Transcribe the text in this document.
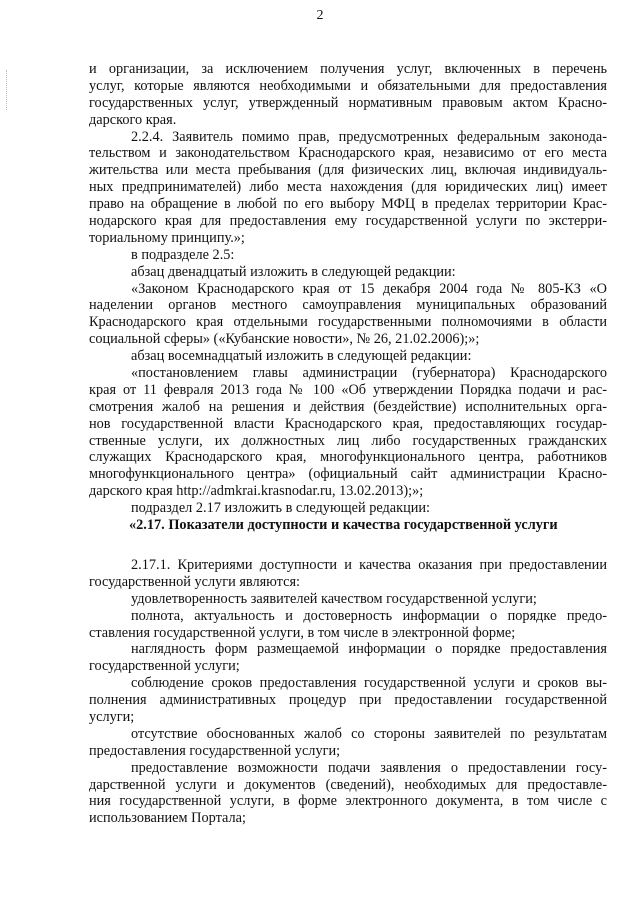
2
и организации, за исключением получения услуг, включенных в перечень
услуг, которые являются необходимыми и обязательными для предоставления
государственных услуг, утвержденный нормативным правовым актом Красно-
дарского края.
2.2.4. Заявитель помимо прав, предусмотренных федеральным законода-
тельством и законодательством Краснодарского края, независимо от его места
жительства или места пребывания (для физических лиц, включая индивидуаль-
ных предпринимателей) либо места нахождения (для юридических лиц) имеет
право на обращение в любой по его выбору МФЦ в пределах территории Крас-
нодарского края для предоставления ему государственной услуги по экстерри-
ториальному принципу.»;
в подразделе 2.5:
абзац двенадцатый изложить в следующей редакции:
«Законом Краснодарского края от 15 декабря 2004 года № 805-КЗ «О
наделении органов местного самоуправления муниципальных образований
Краснодарского края отдельными государственными полномочиями в области
социальной сферы» («Кубанские новости», № 26, 21.02.2006);»;
абзац восемнадцатый изложить в следующей редакции:
«постановлением главы администрации (губернатора) Краснодарского
края от 11 февраля 2013 года № 100 «Об утверждении Порядка подачи и рас-
смотрения жалоб на решения и действия (бездействие) исполнительных орга-
нов государственной власти Краснодарского края, предоставляющих государ-
ственные услуги, их должностных лиц либо государственных гражданских
служащих Краснодарского края, многофункционального центра, работников
многофункционального центра» (официальный сайт администрации Красно-
дарского края http://admkrai.krasnodar.ru, 13.02.2013);»;
подраздел 2.17 изложить в следующей редакции:
«2.17. Показатели доступности и качества государственной услуги
2.17.1. Критериями доступности и качества оказания при предоставлении
государственной услуги являются:
удовлетворенность заявителей качеством государственной услуги;
полнота, актуальность и достоверность информации о порядке предо-
ставления государственной услуги, в том числе в электронной форме;
наглядность форм размещаемой информации о порядке предоставления
государственной услуги;
соблюдение сроков предоставления государственной услуги и сроков вы-
полнения административных процедур при предоставлении государственной
услуги;
отсутствие обоснованных жалоб со стороны заявителей по результатам
предоставления государственной услуги;
предоставление возможности подачи заявления о предоставлении госу-
дарственной услуги и документов (сведений), необходимых для предоставле-
ния государственной услуги, в форме электронного документа, в том числе с
использованием Портала;
